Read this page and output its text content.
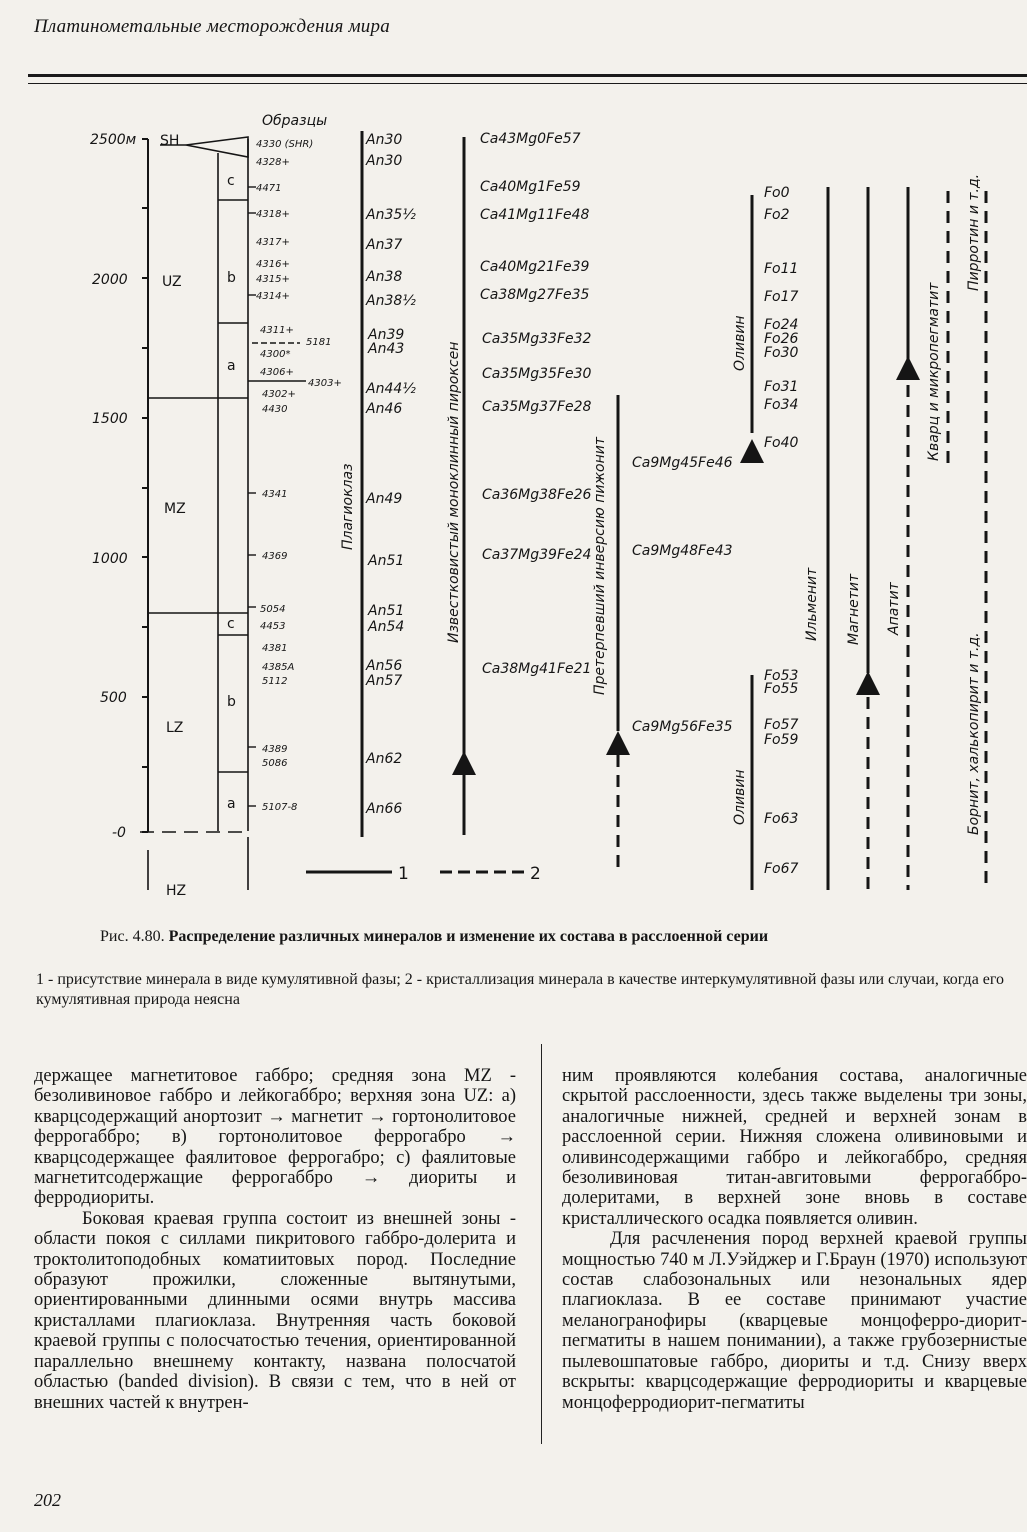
Платинометальные месторождения мира
2500м
2000
1500
1000
500
-0
SH
UZ
MZ
LZ
HZ
c
b
a
c
b
a
Образцы
4330 (SHR)
4328+
4471
4318+
4317+
4316+
4315+
4314+
4311+
5181
4300*
4306+
4303+
4302+
4430
4341
4369
5054
4453
4381
4385A
5112
4389
5086
5107-8
Плагиоклаз
An30
An30
An35½
An37
An38
An38½
An39
An43
An44½
An46
An49
An51
An51
An54
An56
An57
An62
An66
Известковистый моноклинный пироксен
Ca43Mg0Fe57
Ca40Mg1Fe59
Ca41Mg11Fe48
Ca40Mg21Fe39
Ca38Mg27Fe35
Ca35Mg33Fe32
Ca35Mg35Fe30
Ca35Mg37Fe28
Ca36Mg38Fe26
Ca37Mg39Fe24
Ca38Mg41Fe21 Претерпевший инверсию пижонит Ca9Mg45Fe46
Ca9Mg48Fe43
Ca9Mg56Fe35
Оливин
Fo0
Fo2
Fo11
Fo17
Fo24
Fo26
Fo30
Fo31
Fo34
Fo40
Оливин
Fo53
Fo55
Fo57
Fo59
Fo63
Fo67
Ильменит Магнетит Апатит
Кварц и микропегматит
Пирротин и т.д.
Борнит, халькопирит и т.д.
1	2
Рис. 4.80. Распределение различных минералов и изменение их состава в расслоенной серии
1 - присутствие минерала в виде кумулятивной фазы; 2 - кристаллизация минерала в качестве интеркумулятивной фазы или случаи, когда его кумулятивная природа неясна

держащее магнетитовое габбро; средняя зона MZ - безоливиновое габбро и лейкогаббро; верхняя зона UZ: а) кварцсодержащий анортозит → магнетит → гортонолитовое феррогаббро; в) гортонолитовое феррогабро → кварцсодержащее фаялитовое феррогабро; с) фаялитовые магнетитсодержащие феррогаббро → диориты и ферродиориты.

Боковая краевая группа состоит из внешней зоны - области покоя с силлами пикритового габбро-долерита и троктолитоподобных коматиитовых пород. Последние образуют прожилки, сложенные вытянутыми, ориентированными длинными осями внутрь массива кристаллами плагиоклаза. Внутренняя часть боковой краевой группы с полосчатостью течения, ориентированной параллельно внешнему контакту, названа полосчатой областью (banded division). В связи с тем, что в ней от внешних частей к внутрен-

ним проявляются колебания состава, аналогичные скрытой расслоенности, здесь также выделены три зоны, аналогичные нижней, средней и верхней зонам в расслоенной серии. Нижняя сложена оливиновыми и оливинсодержащими габбро и лейкогаббро, средняя безоливиновая титан-авгитовыми феррогаббро-долеритами, в верхней зоне вновь в составе кристаллического осадка появляется оливин.

Для расчленения пород верхней краевой группы мощностью 740 м Л.Уэйджер и Г.Браун (1970) используют состав слабозональных или незональных ядер плагиоклаза. В ее составе принимают участие меланогранофиры (кварцевые монцоферро-диорит-пегматиты в нашем понимании), а также грубозернистые пылевошпатовые габбро, диориты и т.д. Снизу вверх вскрыты: кварцсодержащие ферродиориты и кварцевые монцоферродиорит-пегматиты

202
